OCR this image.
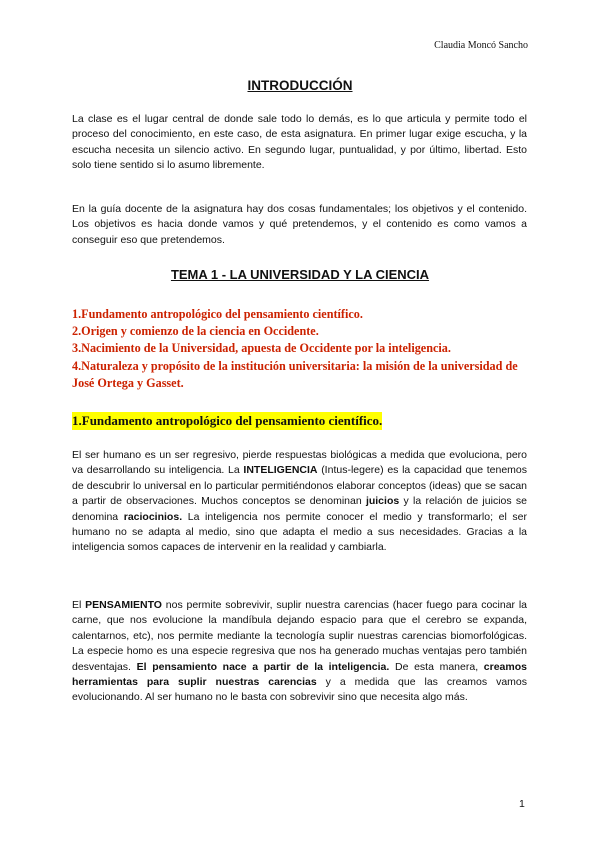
Claudia Moncó Sancho
INTRODUCCIÓN

La clase es el lugar central de donde sale todo lo demás, es lo que articula y permite todo el proceso del conocimiento, en este caso, de esta asignatura. En primer lugar exige escucha, y la escucha necesita un silencio activo. En segundo lugar, puntualidad, y por último, libertad. Esto solo tiene sentido si lo asumo libremente.

En la guía docente de la asignatura hay dos cosas fundamentales; los objetivos y el contenido. Los objetivos es hacia donde vamos y qué pretendemos, y el contenido es como vamos a conseguir eso que pretendemos.

TEMA 1 - LA UNIVERSIDAD Y LA CIENCIA
1.Fundamento antropológico del pensamiento científico.
2.Origen y comienzo de la ciencia en Occidente.
3.Nacimiento de la Universidad, apuesta de Occidente por la inteligencia.
4.Naturaleza y propósito de la institución universitaria: la misión de la universidad de José Ortega y Gasset.
1.Fundamento antropológico del pensamiento científico.

El ser humano es un ser regresivo, pierde respuestas biológicas a medida que evoluciona, pero va desarrollando su inteligencia. La INTELIGENCIA (Intus-legere) es la capacidad que tenemos de descubrir lo universal en lo particular permitiéndonos elaborar conceptos (ideas) que se sacan a partir de observaciones. Muchos conceptos se denominan juicios y la relación de juicios se denomina raciocinios. La inteligencia nos permite conocer el medio y transformarlo; el ser humano no se adapta al medio, sino que adapta el medio a sus necesidades. Gracias a la inteligencia somos capaces de intervenir en la realidad y cambiarla.

El PENSAMIENTO nos permite sobrevivir, suplir nuestra carencias (hacer fuego para cocinar la carne, que nos evolucione la mandíbula dejando espacio para que el cerebro se expanda, calentarnos, etc), nos permite mediante la tecnología suplir nuestras carencias biomorfológicas. La especie homo es una especie regresiva que nos ha generado muchas ventajas pero también desventajas. El pensamiento nace a partir de la inteligencia. De esta manera, creamos herramientas para suplir nuestras carencias y a medida que las creamos vamos evolucionando. Al ser humano no le basta con sobrevivir sino que necesita algo más.

1
